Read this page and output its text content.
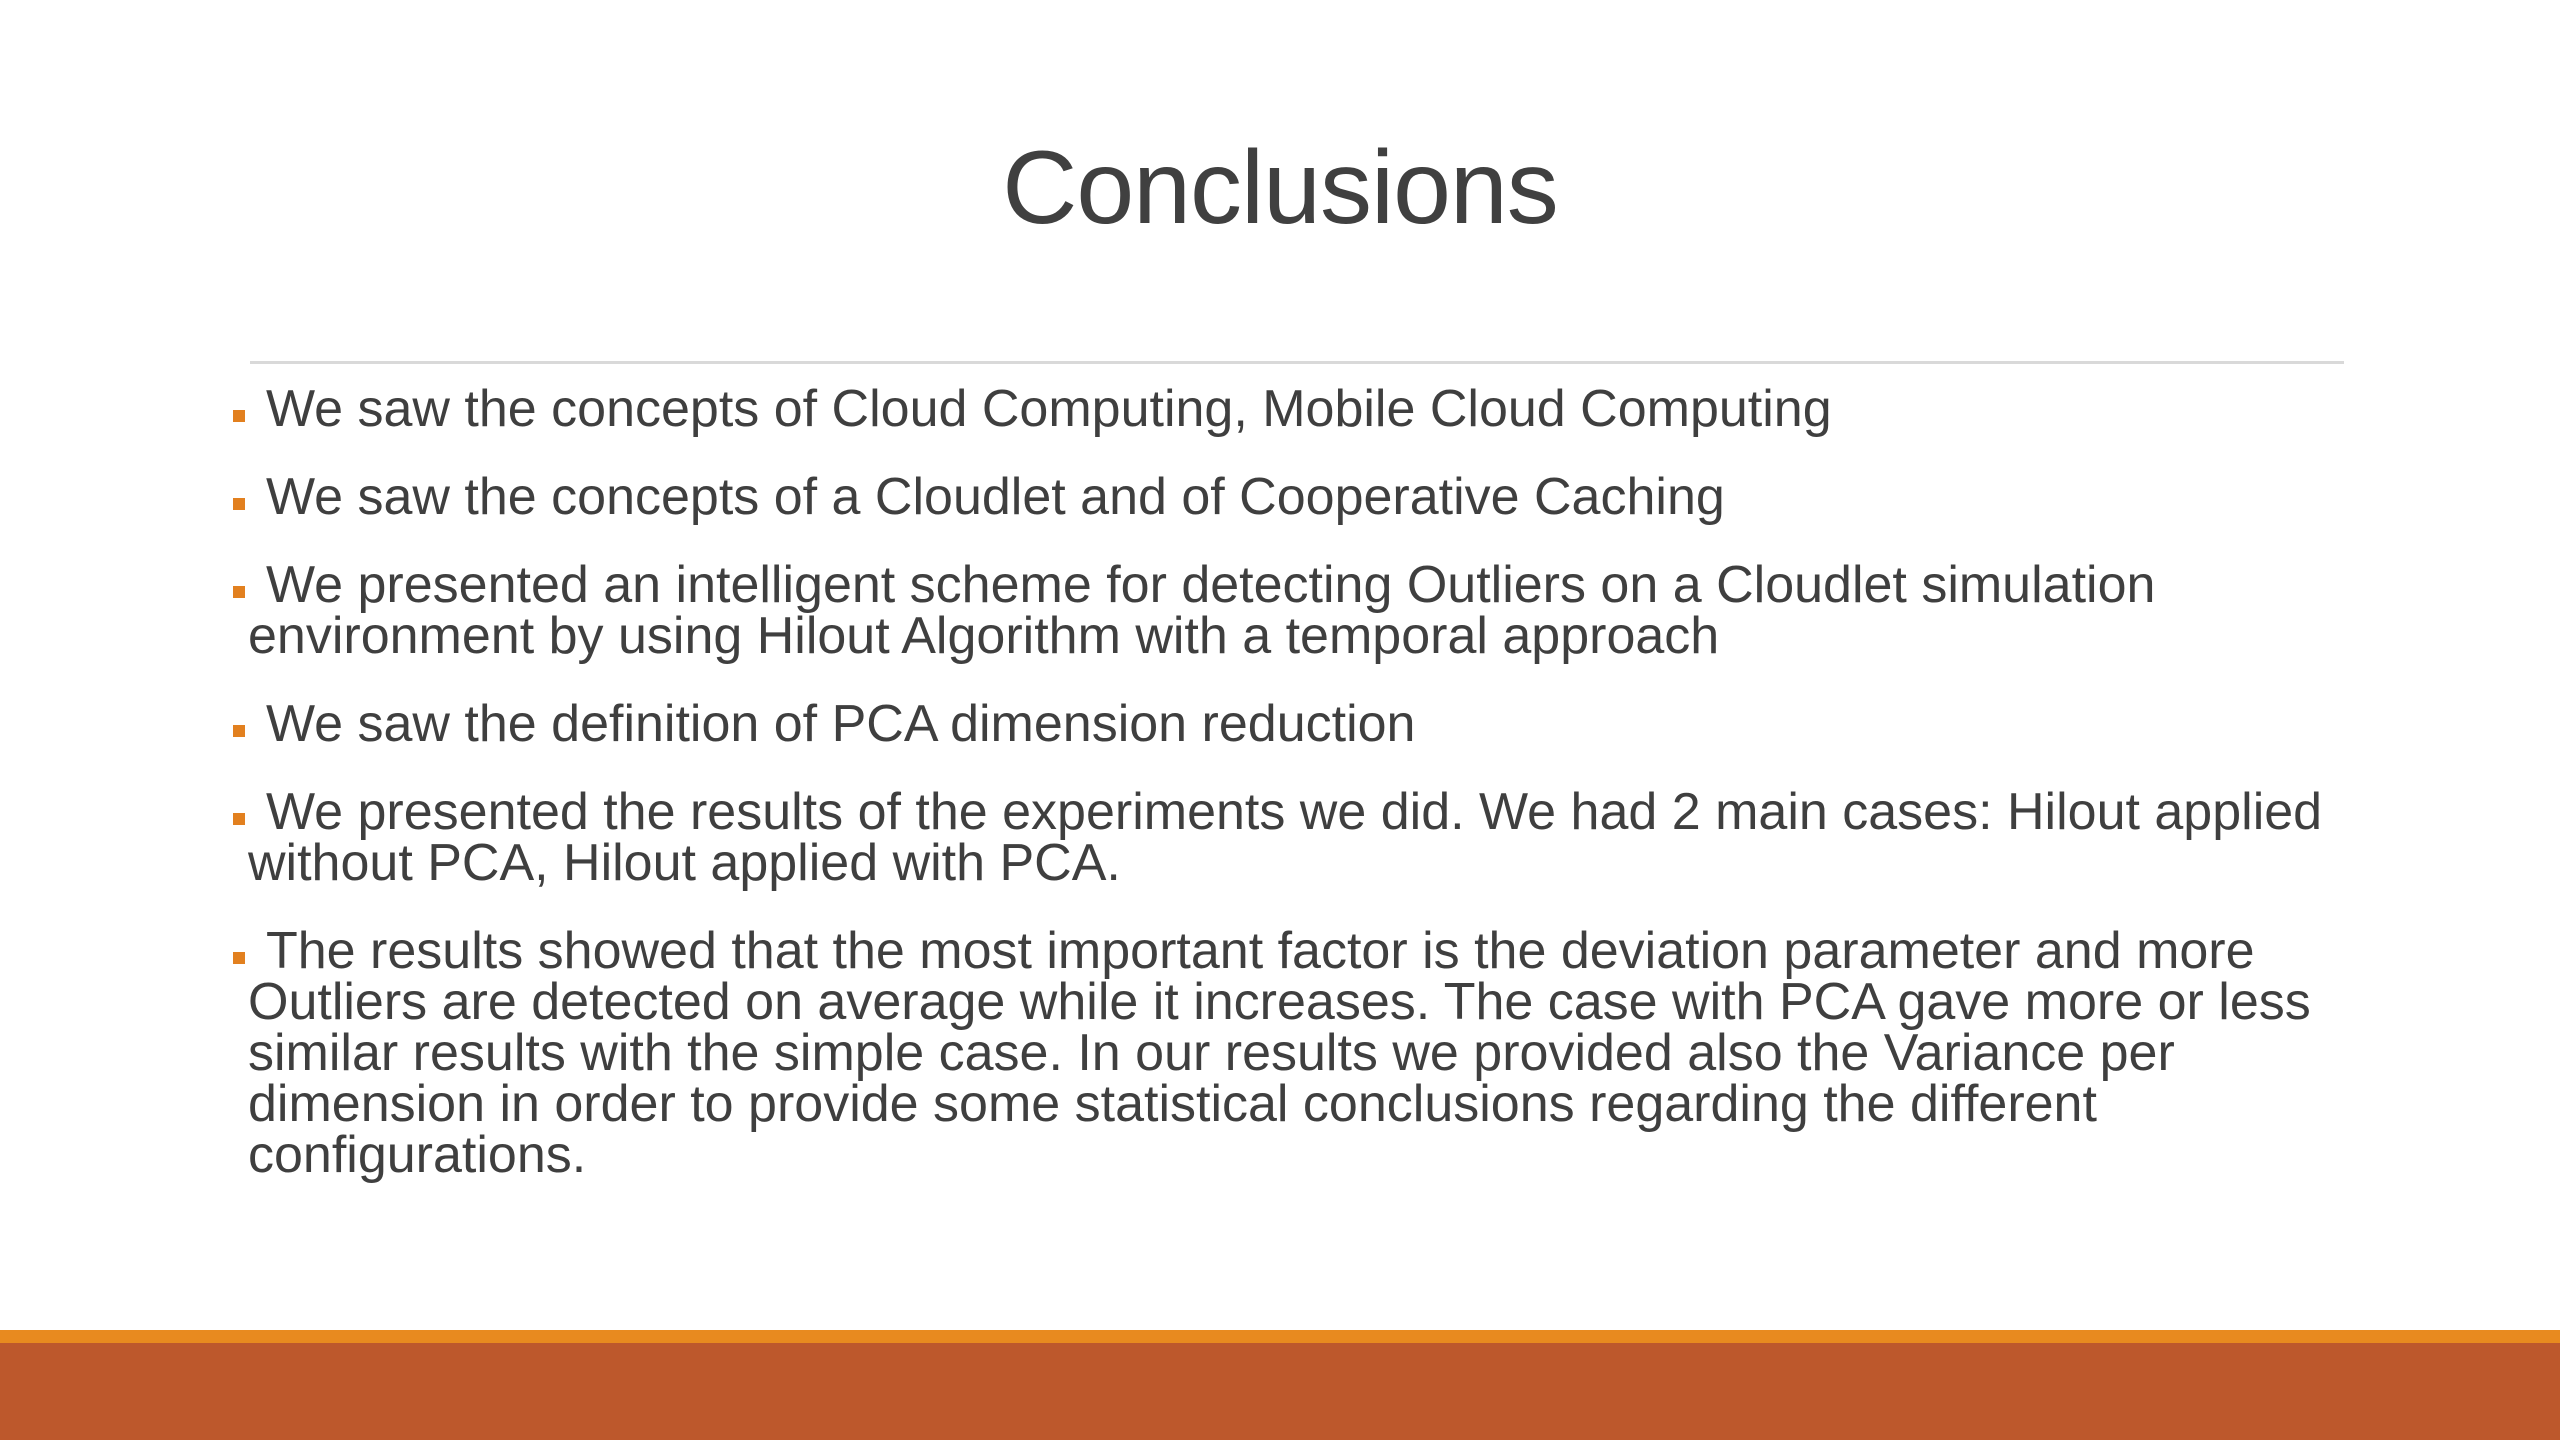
Conclusions
We saw the concepts of Cloud Computing, Mobile Cloud Computing
We saw the concepts of a Cloudlet and of Cooperative Caching
We presented an intelligent scheme for detecting Outliers on a Cloudlet simulation environment by using Hilout Algorithm with a temporal approach
We saw the definition of PCA dimension reduction
We presented the results of the experiments we did. We had 2 main cases: Hilout applied without PCA, Hilout applied with PCA.
The results showed that the most important factor is the deviation parameter and more Outliers are detected on average while it increases. The case with PCA gave more or less similar results with the simple case. In our results we provided also the Variance per dimension in order to provide some statistical conclusions regarding the different configurations.
